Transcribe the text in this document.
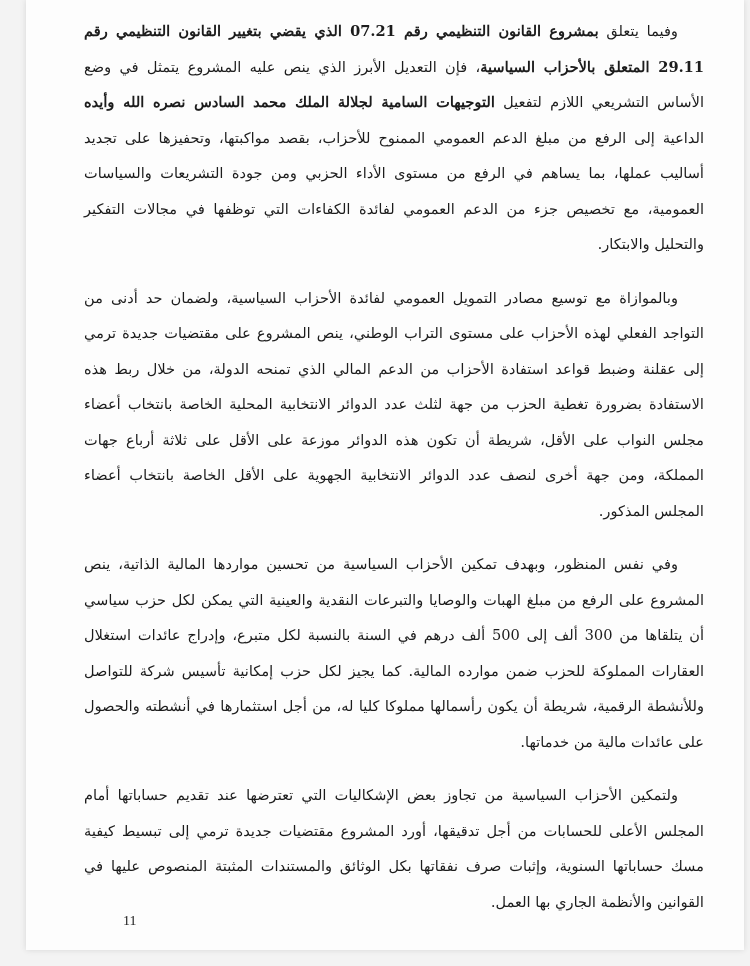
وفيما يتعلق بمشروع القانون التنظيمي رقم 07.21 الذي يقضي بتغيير القانون التنظيمي رقم 29.11 المتعلق بالأحزاب السياسية، فإن التعديل الأبرز الذي ينص عليه المشروع يتمثل في وضع الأساس التشريعي اللازم لتفعيل التوجيهات السامية لجلالة الملك محمد السادس نصره الله وأيده الداعية إلى الرفع من مبلغ الدعم العمومي الممنوح للأحزاب، بقصد مواكبتها، وتحفيزها على تجديد أساليب عملها، بما يساهم في الرفع من مستوى الأداء الحزبي ومن جودة التشريعات والسياسات العمومية، مع تخصيص جزء من الدعم العمومي لفائدة الكفاءات التي توظفها في مجالات التفكير والتحليل والابتكار.

وبالموازاة مع توسيع مصادر التمويل العمومي لفائدة الأحزاب السياسية، ولضمان حد أدنى من التواجد الفعلي لهذه الأحزاب على مستوى التراب الوطني، ينص المشروع على مقتضيات جديدة ترمي إلى عقلنة وضبط قواعد استفادة الأحزاب من الدعم المالي الذي تمنحه الدولة، من خلال ربط هذه الاستفادة بضرورة تغطية الحزب من جهة لثلث عدد الدوائر الانتخابية المحلية الخاصة بانتخاب أعضاء مجلس النواب على الأقل، شريطة أن تكون هذه الدوائر موزعة على الأقل على ثلاثة أرباع جهات المملكة، ومن جهة أخرى لنصف عدد الدوائر الانتخابية الجهوية على الأقل الخاصة بانتخاب أعضاء المجلس المذكور.

وفي نفس المنظور، وبهدف تمكين الأحزاب السياسية من تحسين مواردها المالية الذاتية، ينص المشروع على الرفع من مبلغ الهبات والوصايا والتبرعات النقدية والعينية التي يمكن لكل حزب سياسي أن يتلقاها من 300 ألف إلى 500 ألف درهم في السنة بالنسبة لكل متبرع، وإدراج عائدات استغلال العقارات المملوكة للحزب ضمن موارده المالية. كما يجيز لكل حزب إمكانية تأسيس شركة للتواصل وللأنشطة الرقمية، شريطة أن يكون رأسمالها مملوكا كليا له، من أجل استثمارها في أنشطته والحصول على عائدات مالية من خدماتها.

ولتمكين الأحزاب السياسية من تجاوز بعض الإشكاليات التي تعترضها عند تقديم حساباتها أمام المجلس الأعلى للحسابات من أجل تدقيقها، أورد المشروع مقتضيات جديدة ترمي إلى تبسيط كيفية مسك حساباتها السنوية، وإثبات صرف نفقاتها بكل الوثائق والمستندات المثبتة المنصوص عليها في القوانين والأنظمة الجاري بها العمل.

11
